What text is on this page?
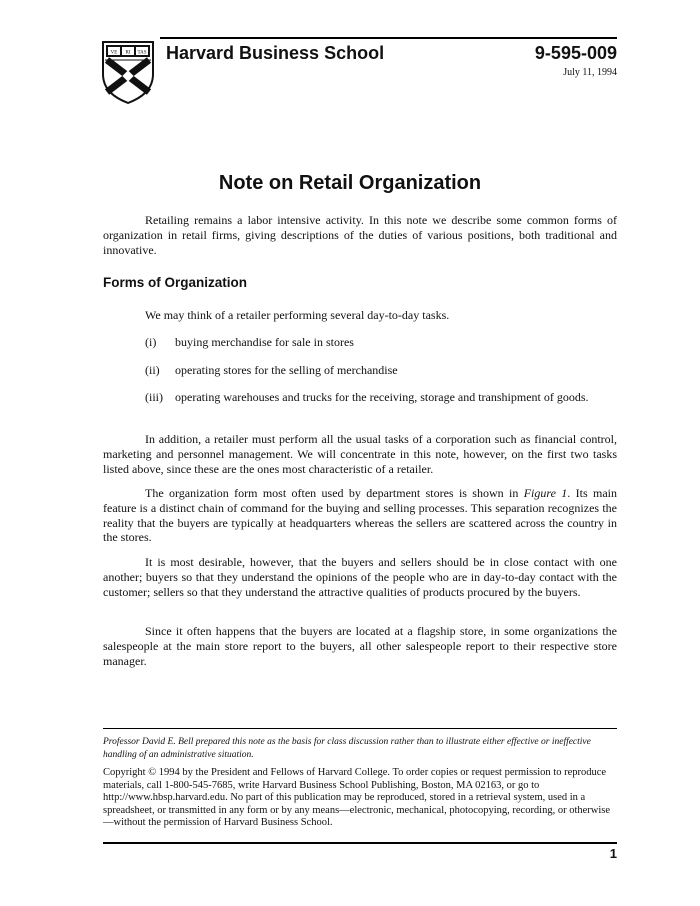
VE RI TAS Harvard Business School	9-595-009
July 11, 1994
Note on Retail Organization
Retailing remains a labor intensive activity. In this note we describe some common forms of organization in retail firms, giving descriptions of the duties of various positions, both traditional and innovative.
Forms of Organization
We may think of a retailer performing several day-to-day tasks.
(i) buying merchandise for sale in stores
(ii) operating stores for the selling of merchandise
(iii) operating warehouses and trucks for the receiving, storage and transhipment of goods.
In addition, a retailer must perform all the usual tasks of a corporation such as financial control, marketing and personnel management. We will concentrate in this note, however, on the first two tasks listed above, since these are the ones most characteristic of a retailer.
The organization form most often used by department stores is shown in Figure 1. Its main feature is a distinct chain of command for the buying and selling processes. This separation recognizes the reality that the buyers are typically at headquarters whereas the sellers are scattered across the country in the stores.
It is most desirable, however, that the buyers and sellers should be in close contact with one another; buyers so that they understand the opinions of the people who are in day-to-day contact with the customer; sellers so that they understand the attractive qualities of products procured by the buyers.
Since it often happens that the buyers are located at a flagship store, in some organizations the salespeople at the main store report to the buyers, all other salespeople report to their respective store manager.
Professor David E. Bell prepared this note as the basis for class discussion rather than to illustrate either effective or ineffective handling of an administrative situation.
Copyright © 1994 by the President and Fellows of Harvard College. To order copies or request permission to reproduce materials, call 1-800-545-7685, write Harvard Business School Publishing, Boston, MA 02163, or go to http://www.hbsp.harvard.edu. No part of this publication may be reproduced, stored in a retrieval system, used in a spreadsheet, or transmitted in any form or by any means—electronic, mechanical, photocopying, recording, or otherwise—without the permission of Harvard Business School.
1
